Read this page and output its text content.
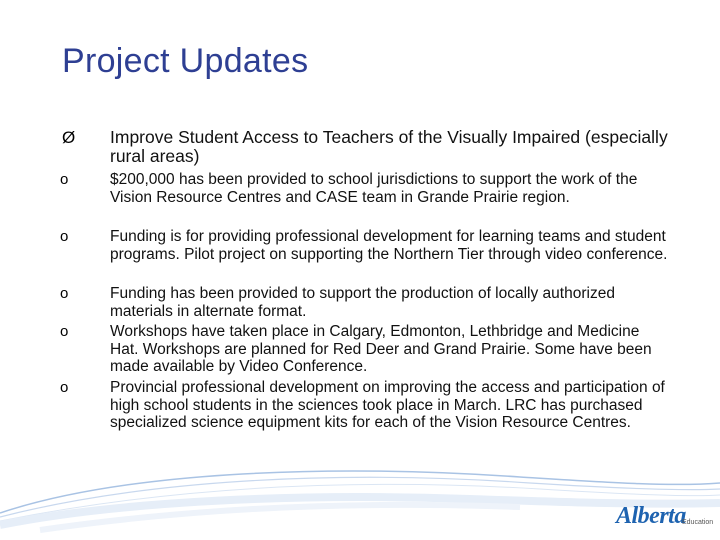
Project Updates
Ø Improve Student Access to Teachers of the Visually Impaired (especially rural areas)
o	$200,000 has been provided to school jurisdictions to support the work of the Vision Resource Centres and CASE team in Grande Prairie region.
o	Funding is for providing professional development for learning teams and student programs. Pilot project on supporting the Northern Tier through video conference.
o	Funding has been provided to support the production of locally authorized materials in alternate format.
o	Workshops have taken place in Calgary, Edmonton, Lethbridge and Medicine Hat. Workshops are planned for Red Deer and Grand Prairie. Some have been made available by Video Conference.
o	Provincial professional development on improving the access and participation of high school students in the sciences took place in March. LRC has purchased specialized science equipment kits for each of the Vision Resource Centres.
Alberta
Education
